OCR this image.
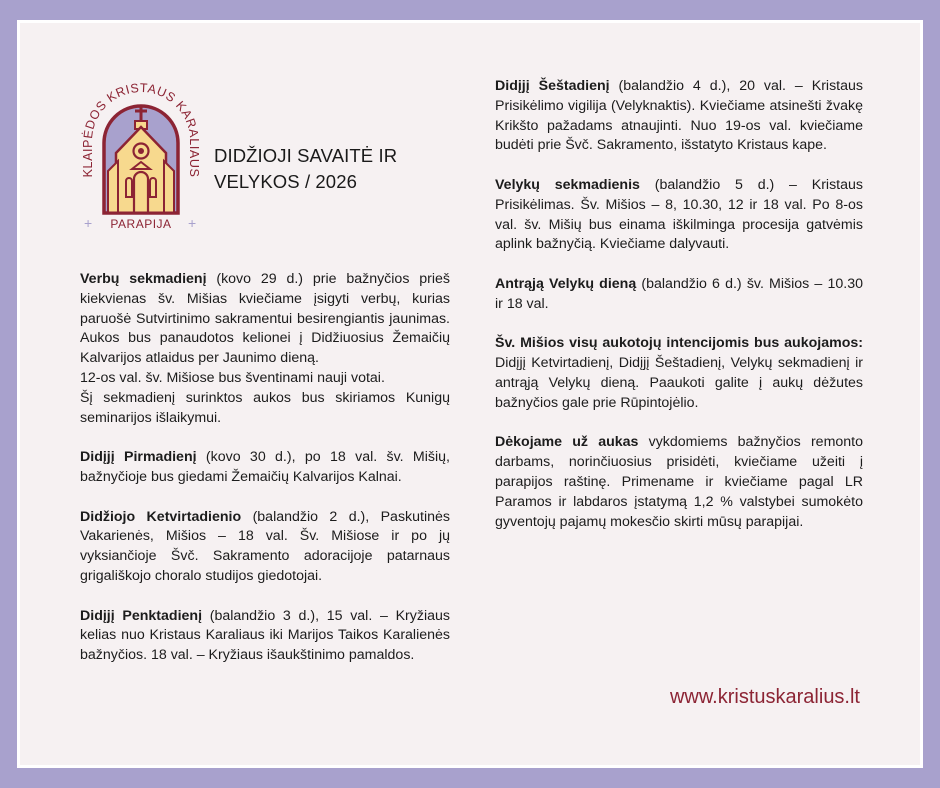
KLAIPĖDOS KRISTAUS KARALIAUS
+ PARAPIJA +
DIDŽIOJI SAVAITĖ IR
VELYKOS / 2026

Verbų sekmadienį (kovo 29 d.) prie bažnyčios prieš kiekvienas šv. Mišias kviečiame įsigyti verbų, kurias paruošė Sutvirtinimo sakramentui besirengiantis jaunimas. Aukos bus panaudotos kelionei į Didžiuosius Žemaičių Kalvarijos atlaidus per Jaunimo dieną.

12-os val. šv. Mišiose bus šventinami nauji votai.

Šį sekmadienį surinktos aukos bus skiriamos Kunigų seminarijos išlaikymui.

Didįjį Pirmadienį (kovo 30 d.), po 18 val. šv. Mišių, bažnyčioje bus giedami Žemaičių Kalvarijos Kalnai.

Didžiojo Ketvirtadienio (balandžio 2 d.), Paskutinės Vakarienės, Mišios – 18 val. Šv. Mišiose ir po jų vyksiančioje Švč. Sakramento adoracijoje patarnaus grigališkojo choralo studijos giedotojai.

Didįjį Penktadienį (balandžio 3 d.), 15 val. – Kryžiaus kelias nuo Kristaus Karaliaus iki Marijos Taikos Karalienės bažnyčios. 18 val. – Kryžiaus išaukštinimo pamaldos.

Didįjį Šeštadienį (balandžio 4 d.), 20 val. – Kristaus Prisikėlimo vigilija (Velyknaktis). Kviečiame atsinešti žvakę Krikšto pažadams atnaujinti. Nuo 19-os val. kviečiame budėti prie Švč. Sakramento, išstatyto Kristaus kape.

Velykų sekmadienis (balandžio 5 d.) – Kristaus Prisikėlimas. Šv. Mišios – 8, 10.30, 12 ir 18 val. Po 8-os val. šv. Mišių bus einama iškilminga procesija gatvėmis aplink bažnyčią. Kviečiame dalyvauti.

Antrąją Velykų dieną (balandžio 6 d.) šv. Mišios – 10.30 ir 18 val.

Šv. Mišios visų aukotojų intencijomis bus aukojamos: Didįjį Ketvirtadienį, Didįjį Šeštadienį, Velykų sekmadienį ir antrąją Velykų dieną. Paaukoti galite į aukų dėžutes bažnyčios gale prie Rūpintojėlio.

Dėkojame už aukas vykdomiems bažnyčios remonto darbams, norinčiuosius prisidėti, kviečiame užeiti į parapijos raštinę. Primename ir kviečiame pagal LR Paramos ir labdaros įstatymą 1,2 % valstybei sumokėto gyventojų pajamų mokesčio skirti mūsų parapijai.

www.kristuskaralius.lt
